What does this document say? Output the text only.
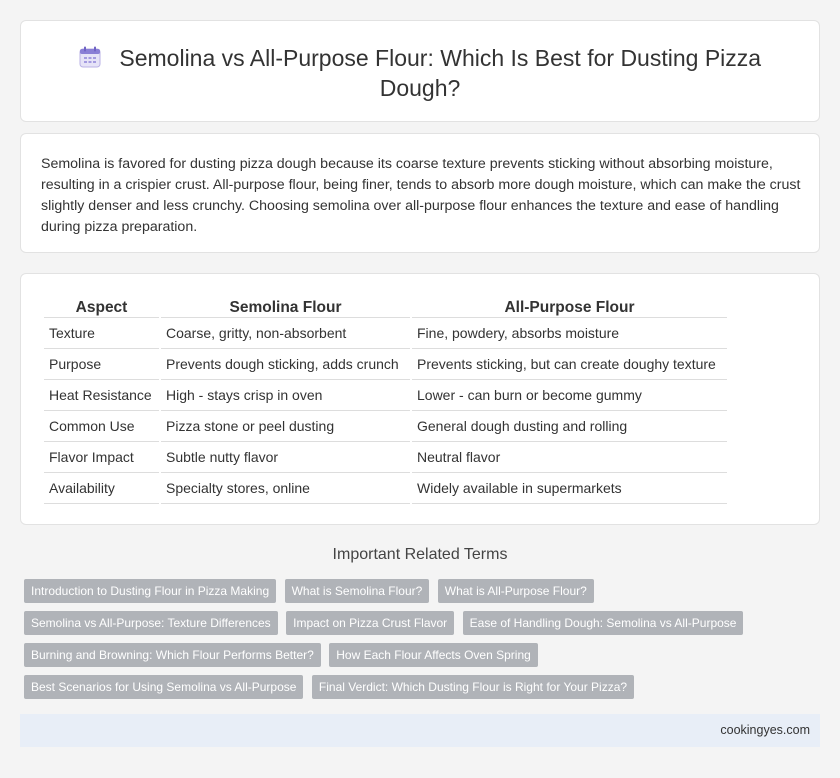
Semolina vs All-Purpose Flour: Which Is Best for Dusting Pizza Dough?

Semolina is favored for dusting pizza dough because its coarse texture prevents sticking without absorbing moisture, resulting in a crispier crust. All-purpose flour, being finer, tends to absorb more dough moisture, which can make the crust slightly denser and less crunchy. Choosing semolina over all-purpose flour enhances the texture and ease of handling during pizza preparation.

Aspect	Semolina Flour	All-Purpose Flour
Texture	Coarse, gritty, non-absorbent	Fine, powdery, absorbs moisture
Purpose	Prevents dough sticking, adds crunch	Prevents sticking, but can create doughy texture
Heat Resistance	High - stays crisp in oven	Lower - can burn or become gummy
Common Use	Pizza stone or peel dusting	General dough dusting and rolling
Flavor Impact	Subtle nutty flavor	Neutral flavor
Availability	Specialty stores, online	Widely available in supermarkets
Important Related Terms
Introduction to Dusting Flour in Pizza Making What is Semolina Flour? What is All-Purpose Flour?
Semolina vs All-Purpose: Texture Differences Impact on Pizza Crust Flavor Ease of Handling Dough: Semolina vs All-Purpose
Burning and Browning: Which Flour Performs Better? How Each Flour Affects Oven Spring
Best Scenarios for Using Semolina vs All-Purpose Final Verdict: Which Dusting Flour is Right for Your Pizza?
cookingyes.com
